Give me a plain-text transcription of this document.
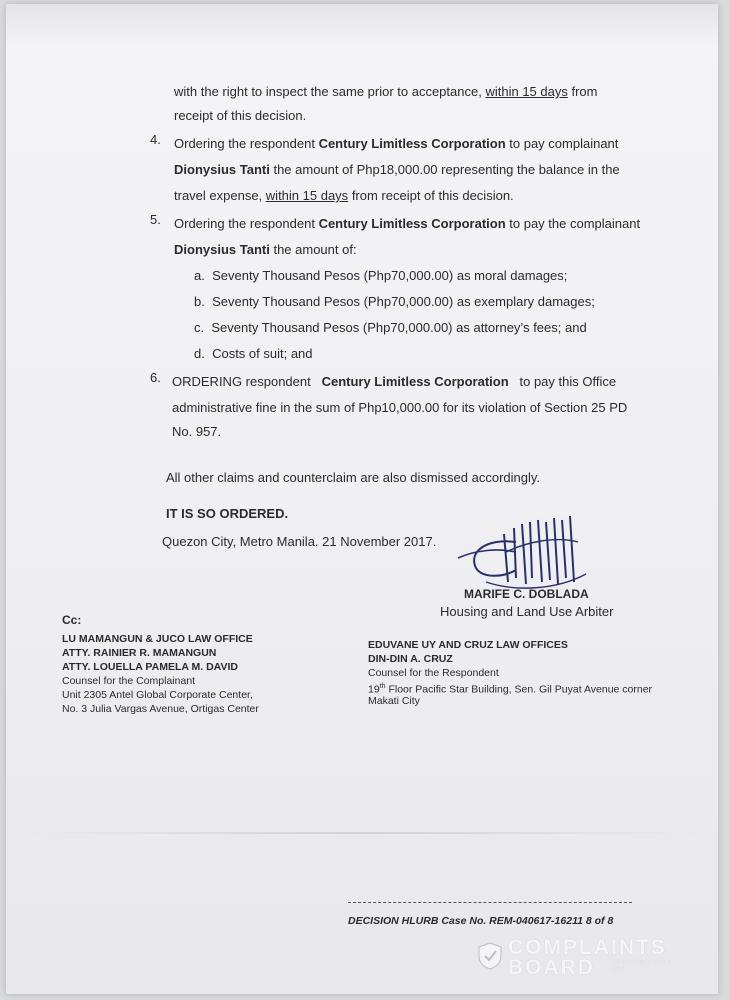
with the right to inspect the same prior to acceptance, within 15 days from
receipt of this decision.
4. Ordering the respondent Century Limitless Corporation to pay complainant
Dionysius Tanti the amount of Php18,000.00 representing the balance in the
travel expense, within 15 days from receipt of this decision.
5. Ordering the respondent Century Limitless Corporation to pay the complainant
Dionysius Tanti the amount of:
a. Seventy Thousand Pesos (Php70,000.00) as moral damages;
b. Seventy Thousand Pesos (Php70,000.00) as exemplary damages;
c. Seventy Thousand Pesos (Php70,000.00) as attorney’s fees; and
d. Costs of suit; and
6. ORDERING respondent Century Limitless Corporation to pay this Office
administrative fine in the sum of Php10,000.00 for its violation of Section 25 PD
No. 957.
All other claims and counterclaim are also dismissed accordingly.
IT IS SO ORDERED.
Quezon City, Metro Manila. 21 November 2017.
MARIFE C. DOBLADA
Housing and Land Use Arbiter
Cc:
LU MAMANGUN & JUCO LAW OFFICE
ATTY. RAINIER R. MAMANGUN
ATTY. LOUELLA PAMELA M. DAVID
Counsel for the Complainant
Unit 2305 Antel Global Corporate Center,
No. 3 Julia Vargas Avenue, Ortigas Center
EDUVANE UY AND CRUZ LAW OFFICES
DIN-DIN A. CRUZ
Counsel for the Respondent
19th Floor Pacific Star Building, Sen. Gil Puyat Avenue corner
Makati City
DECISION HLURB Case No. REM-040617-16211 8 of 8
COMPLAINTS
BOARD	CONSUMERS SINCE 2008
